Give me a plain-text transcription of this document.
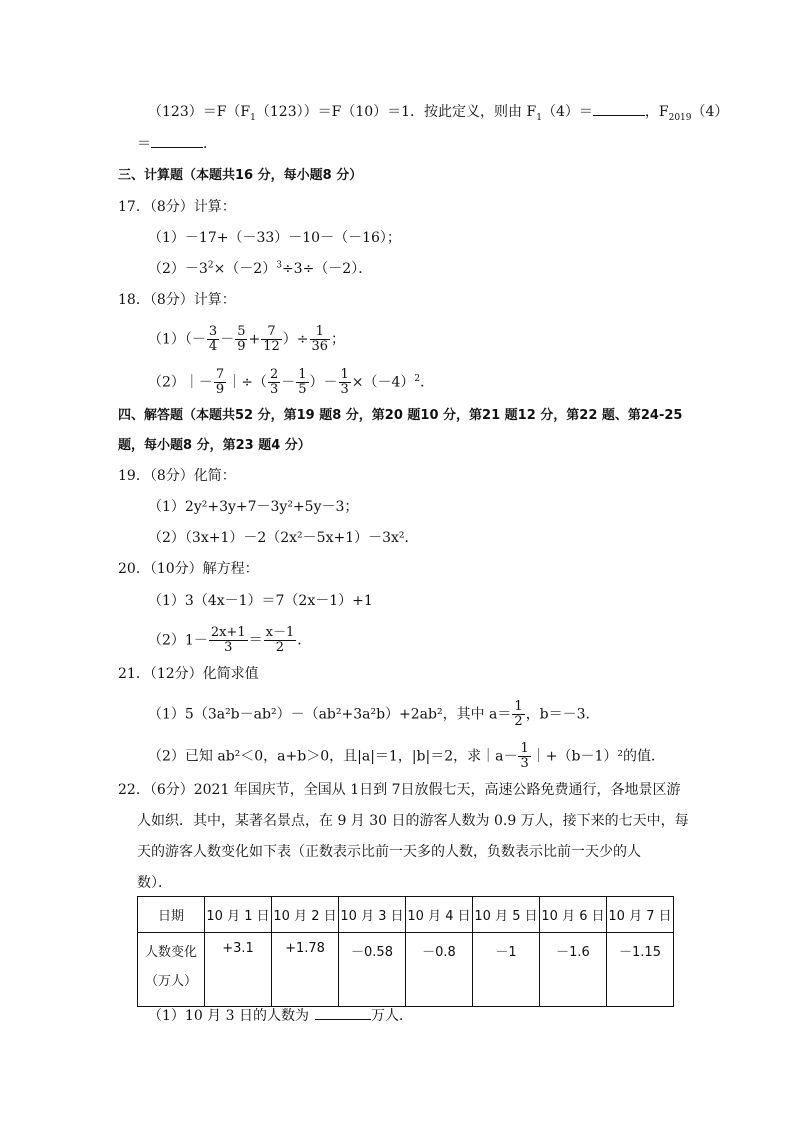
$(123)=F(F_1(123))=F(10)=1$．按此定义，则由 $F_1(4)=$	，$F_{2019}(4)$
＝	．
三、计算题（本题共16 分，每小题8 分）
17．（8分）计算：
（1）－17+（－33）－10－（－16）；
$(2)-3^2\times(-2)^3\div 3\div(-2)$．
18．（8分）计算：
$(1)(- \frac{3}{4} - \frac{5}{9} + \frac{7}{12}$ ）÷ $\frac{1}{36}$ ；
（2）｜－ $\frac{7}{9}$ ｜÷（ $\frac{2}{3} - \frac{1}{5}$ ）－ $\frac{1}{3} \times(-4)^2$．
四、解答题（本题共52 分，第19 题8 分，第20 题10 分，第21 题12 分，第22 题、第24-25
题，每小题8 分，第23 题4 分）
19．（8分）化简：
（1）2y²+3y+7－3y²+5y－3；
（2）（3x+1）－2（2x²－5x+1）－3x²．
20．（10分）解方程：
（1）3（4x－1）＝7（2x－1）+1
$(2)1- \frac{2x+1}{3} = \frac{x-1}{2}$ ．
21．（12分）化简求值
（1）5（3a²b－ab²）－（ab²+3a²b）+2ab²，其中 $a= \frac{1}{2}$ ，b＝－3．
（2）已知 ab²＜0，a+b＞0，且|a|＝1，|b|＝2，求｜a－ $\frac{1}{3}$ ｜+（b－1）²的值．
22．（6分）2021 年国庆节，全国从 1日到 7日放假七天，高速公路免费通行，各地景区游
人如织．其中，某著名景点，在 9 月 30 日的游客人数为 0.9 万人，接下来的七天中，每
天的游客人数变化如下表（正数表示比前一天多的人数，负数表示比前一天少的人
数）．
日期	10 月 1 日	10 月 2 日	10 月 3 日	10 月 4 日	10 月 5 日	10 月 6 日	10 月 7 日
人数变化
（万人）	+3.1	+1.78	－0.58	－0.8	－1	－1.6	－1.15
（1）10 月 3 日的人数为	万人．
